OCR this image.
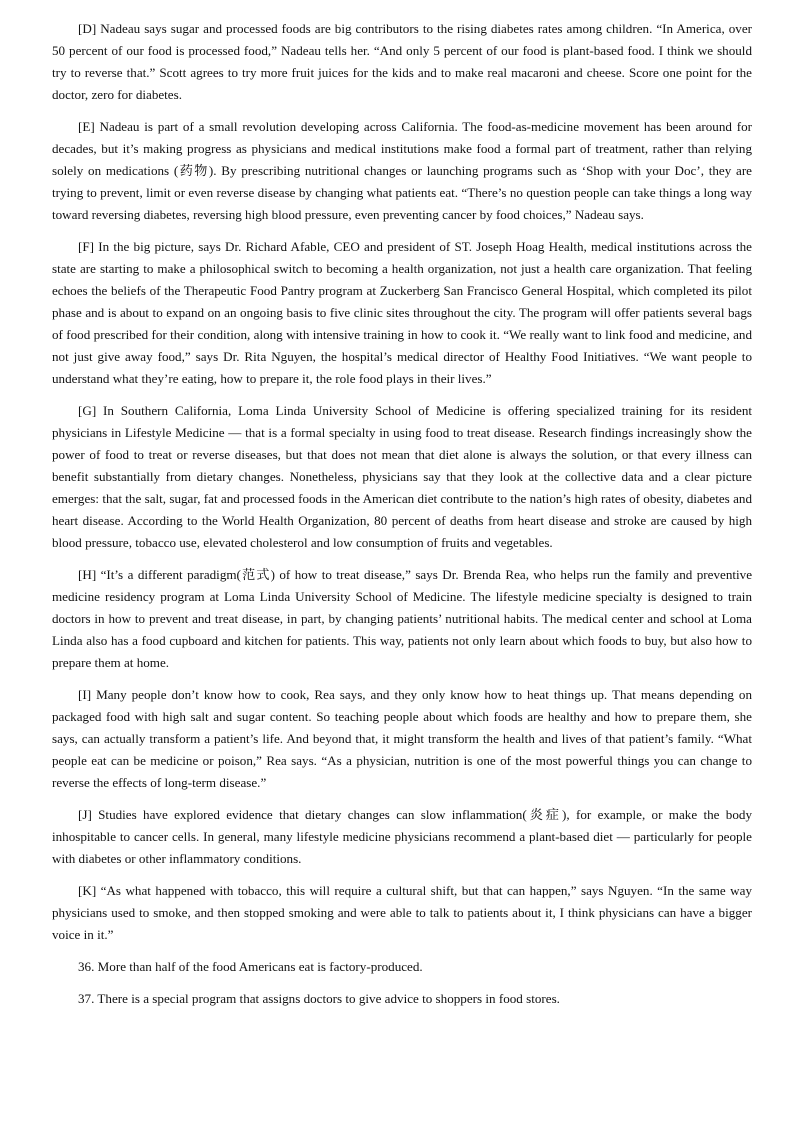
[D] Nadeau says sugar and processed foods are big contributors to the rising diabetes rates among children. “In America, over 50 percent of our food is processed food,” Nadeau tells her. “And only 5 percent of our food is plant-based food. I think we should try to reverse that.” Scott agrees to try more fruit juices for the kids and to make real macaroni and cheese. Score one point for the doctor, zero for diabetes.

[E] Nadeau is part of a small revolution developing across California. The food-as-medicine movement has been around for decades, but it’s making progress as physicians and medical institutions make food a formal part of treatment, rather than relying solely on medications (药物). By prescribing nutritional changes or launching programs such as ‘Shop with your Doc’, they are trying to prevent, limit or even reverse disease by changing what patients eat. “There’s no question people can take things a long way toward reversing diabetes, reversing high blood pressure, even preventing cancer by food choices,” Nadeau says.

[F] In the big picture, says Dr. Richard Afable, CEO and president of ST. Joseph Hoag Health, medical institutions across the state are starting to make a philosophical switch to becoming a health organization, not just a health care organization. That feeling echoes the beliefs of the Therapeutic Food Pantry program at Zuckerberg San Francisco General Hospital, which completed its pilot phase and is about to expand on an ongoing basis to five clinic sites throughout the city. The program will offer patients several bags of food prescribed for their condition, along with intensive training in how to cook it. “We really want to link food and medicine, and not just give away food,” says Dr. Rita Nguyen, the hospital’s medical director of Healthy Food Initiatives. “We want people to understand what they’re eating, how to prepare it, the role food plays in their lives.”

[G] In Southern California, Loma Linda University School of Medicine is offering specialized training for its resident physicians in Lifestyle Medicine — that is a formal specialty in using food to treat disease. Research findings increasingly show the power of food to treat or reverse diseases, but that does not mean that diet alone is always the solution, or that every illness can benefit substantially from dietary changes. Nonetheless, physicians say that they look at the collective data and a clear picture emerges: that the salt, sugar, fat and processed foods in the American diet contribute to the nation’s high rates of obesity, diabetes and heart disease. According to the World Health Organization, 80 percent of deaths from heart disease and stroke are caused by high blood pressure, tobacco use, elevated cholesterol and low consumption of fruits and vegetables.

[H] “It’s a different paradigm(范式) of how to treat disease,” says Dr. Brenda Rea, who helps run the family and preventive medicine residency program at Loma Linda University School of Medicine. The lifestyle medicine specialty is designed to train doctors in how to prevent and treat disease, in part, by changing patients’ nutritional habits. The medical center and school at Loma Linda also has a food cupboard and kitchen for patients. This way, patients not only learn about which foods to buy, but also how to prepare them at home.

[I] Many people don’t know how to cook, Rea says, and they only know how to heat things up. That means depending on packaged food with high salt and sugar content. So teaching people about which foods are healthy and how to prepare them, she says, can actually transform a patient’s life. And beyond that, it might transform the health and lives of that patient’s family. “What people eat can be medicine or poison,” Rea says. “As a physician, nutrition is one of the most powerful things you can change to reverse the effects of long-term disease.”

[J] Studies have explored evidence that dietary changes can slow inflammation(炎症), for example, or make the body inhospitable to cancer cells. In general, many lifestyle medicine physicians recommend a plant-based diet — particularly for people with diabetes or other inflammatory conditions.

[K] “As what happened with tobacco, this will require a cultural shift, but that can happen,” says Nguyen. “In the same way physicians used to smoke, and then stopped smoking and were able to talk to patients about it, I think physicians can have a bigger voice in it.”

36. More than half of the food Americans eat is factory-produced.

37. There is a special program that assigns doctors to give advice to shoppers in food stores.
